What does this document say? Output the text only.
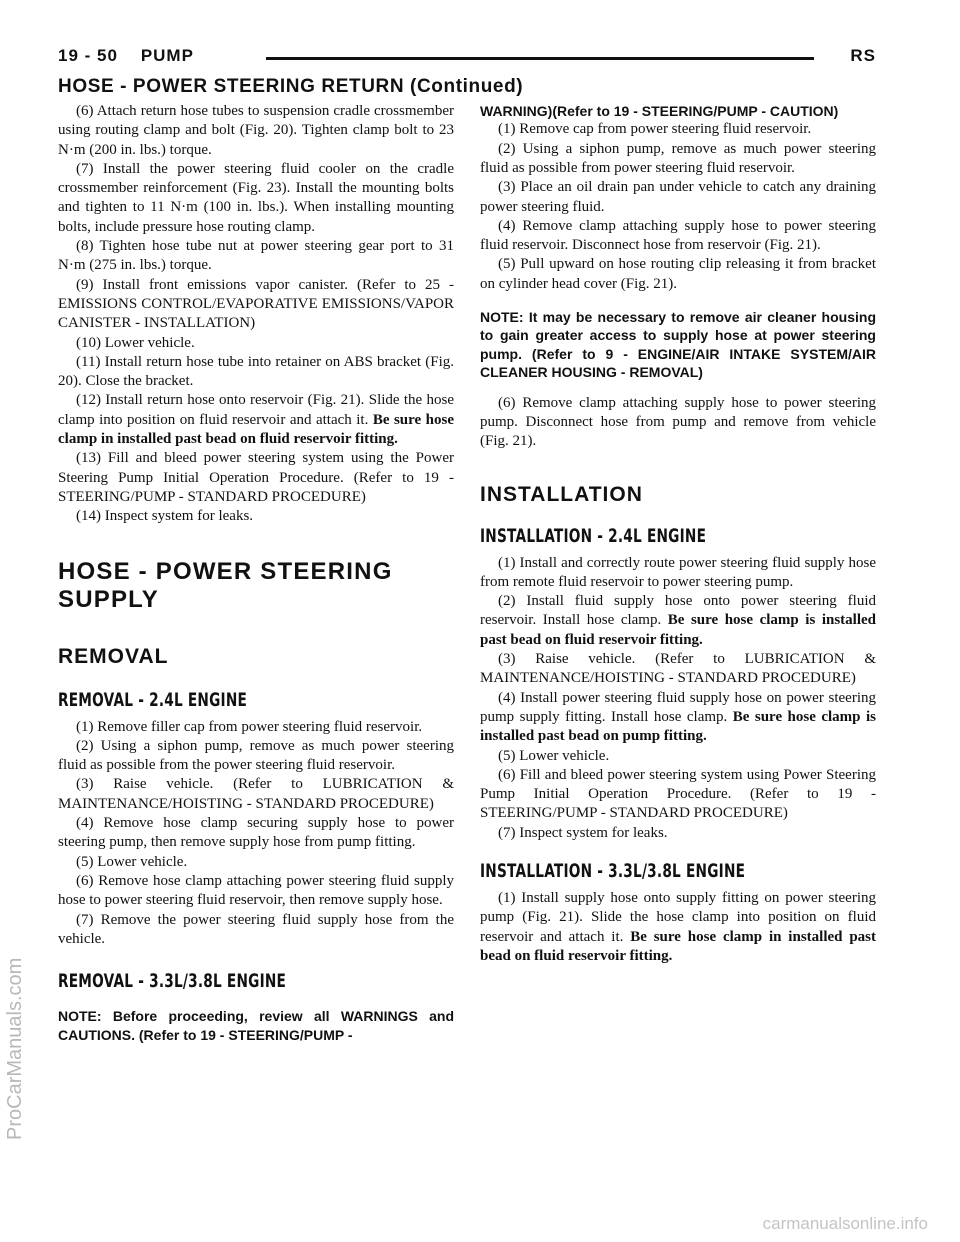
19 - 50    PUMP	RS
HOSE - POWER STEERING RETURN (Continued)

(6) Attach return hose tubes to suspension cradle crossmember using routing clamp and bolt (Fig. 20). Tighten clamp bolt to 23 N·m (200 in. lbs.) torque.

(7) Install the power steering fluid cooler on the cradle crossmember reinforcement (Fig. 23). Install the mounting bolts and tighten to 11 N·m (100 in. lbs.). When installing mounting bolts, include pressure hose routing clamp.

(8) Tighten hose tube nut at power steering gear port to 31 N·m (275 in. lbs.) torque.

(9) Install front emissions vapor canister. (Refer to 25 - EMISSIONS CONTROL/EVAPORATIVE EMISSIONS/VAPOR CANISTER - INSTALLATION)

(10) Lower vehicle.

(11) Install return hose tube into retainer on ABS bracket (Fig. 20). Close the bracket.

(12) Install return hose onto reservoir (Fig. 21). Slide the hose clamp into position on fluid reservoir and attach it. Be sure hose clamp in installed past bead on fluid reservoir fitting.

(13) Fill and bleed power steering system using the Power Steering Pump Initial Operation Procedure. (Refer to 19 - STEERING/PUMP - STANDARD PROCEDURE)

(14) Inspect system for leaks.

HOSE - POWER STEERING SUPPLY
REMOVAL
REMOVAL - 2.4L ENGINE

(1) Remove filler cap from power steering fluid reservoir.

(2) Using a siphon pump, remove as much power steering fluid as possible from the power steering fluid reservoir.

(3) Raise vehicle. (Refer to LUBRICATION & MAINTENANCE/HOISTING - STANDARD PROCEDURE)

(4) Remove hose clamp securing supply hose to power steering pump, then remove supply hose from pump fitting.

(5) Lower vehicle.

(6) Remove hose clamp attaching power steering fluid supply hose to power steering fluid reservoir, then remove supply hose.

(7) Remove the power steering fluid supply hose from the vehicle.

REMOVAL - 3.3L/3.8L ENGINE

NOTE: Before proceeding, review all WARNINGS and CAUTIONS. (Refer to 19 - STEERING/PUMP -

WARNING)(Refer to 19 - STEERING/PUMP - CAUTION)

(1) Remove cap from power steering fluid reservoir.

(2) Using a siphon pump, remove as much power steering fluid as possible from power steering fluid reservoir.

(3) Place an oil drain pan under vehicle to catch any draining power steering fluid.

(4) Remove clamp attaching supply hose to power steering fluid reservoir. Disconnect hose from reservoir (Fig. 21).

(5) Pull upward on hose routing clip releasing it from bracket on cylinder head cover (Fig. 21).

NOTE: It may be necessary to remove air cleaner housing to gain greater access to supply hose at power steering pump. (Refer to 9 - ENGINE/AIR INTAKE SYSTEM/AIR CLEANER HOUSING - REMOVAL)

(6) Remove clamp attaching supply hose to power steering pump. Disconnect hose from pump and remove from vehicle (Fig. 21).

INSTALLATION
INSTALLATION - 2.4L ENGINE

(1) Install and correctly route power steering fluid supply hose from remote fluid reservoir to power steering pump.

(2) Install fluid supply hose onto power steering fluid reservoir. Install hose clamp. Be sure hose clamp is installed past bead on fluid reservoir fitting.

(3) Raise vehicle. (Refer to LUBRICATION & MAINTENANCE/HOISTING - STANDARD PROCEDURE)

(4) Install power steering fluid supply hose on power steering pump supply fitting. Install hose clamp. Be sure hose clamp is installed past bead on pump fitting.

(5) Lower vehicle.

(6) Fill and bleed power steering system using Power Steering Pump Initial Operation Procedure. (Refer to 19 - STEERING/PUMP - STANDARD PROCEDURE)

(7) Inspect system for leaks.

INSTALLATION - 3.3L/3.8L ENGINE

(1) Install supply hose onto supply fitting on power steering pump (Fig. 21). Slide the hose clamp into position on fluid reservoir and attach it. Be sure hose clamp in installed past bead on fluid reservoir fitting.

ProCarManuals.com
carmanualsonline.info
